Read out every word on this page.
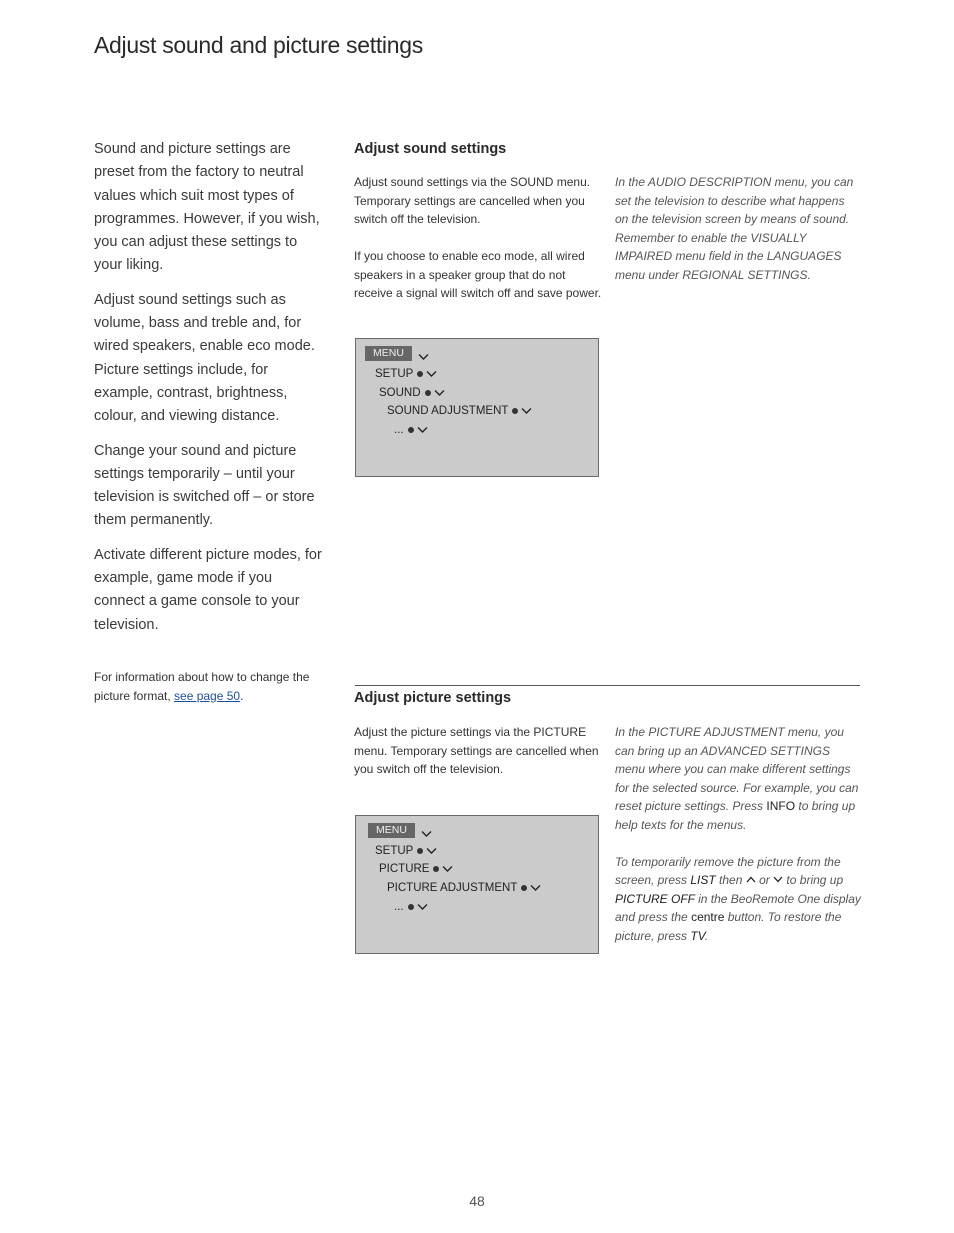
Adjust sound and picture settings

Sound and picture settings are preset from the factory to neutral values which suit most types of programmes. However, if you wish, you can adjust these settings to your liking.

Adjust sound settings such as volume, bass and treble and, for wired speakers, enable eco mode. Picture settings include, for example, contrast, brightness, colour, and viewing distance.

Change your sound and picture settings temporarily – until your television is switched off – or store them permanently.

Activate different picture modes, for example, game mode if you connect a game console to your television.

For information about how to change the picture format, see page 50.
Adjust sound settings

Adjust sound settings via the SOUND menu. Temporary settings are cancelled when you switch off the television.

If you choose to enable eco mode, all wired speakers in a speaker group that do not receive a signal will switch off and save power.

In the AUDIO DESCRIPTION menu, you can set the television to describe what happens on the television screen by means of sound. Remember to enable the VISUALLY IMPAIRED menu field in the LANGUAGES menu under REGIONAL SETTINGS.

MENU
SETUP
SOUND
SOUND ADJUSTMENT
...
Adjust picture settings

Adjust the picture settings via the PICTURE menu. Temporary settings are cancelled when you switch off the television.

In the PICTURE ADJUSTMENT menu, you can bring up an ADVANCED SETTINGS menu where you can make different settings for the selected source. For example, you can reset picture settings. Press INFO to bring up help texts for the menus.

To temporarily remove the picture from the screen, press LIST then
or
to bring up PICTURE OFF in the BeoRemote One display and press the centre button. To restore the picture, press TV.

MENU
SETUP
PICTURE
PICTURE ADJUSTMENT
...
48
